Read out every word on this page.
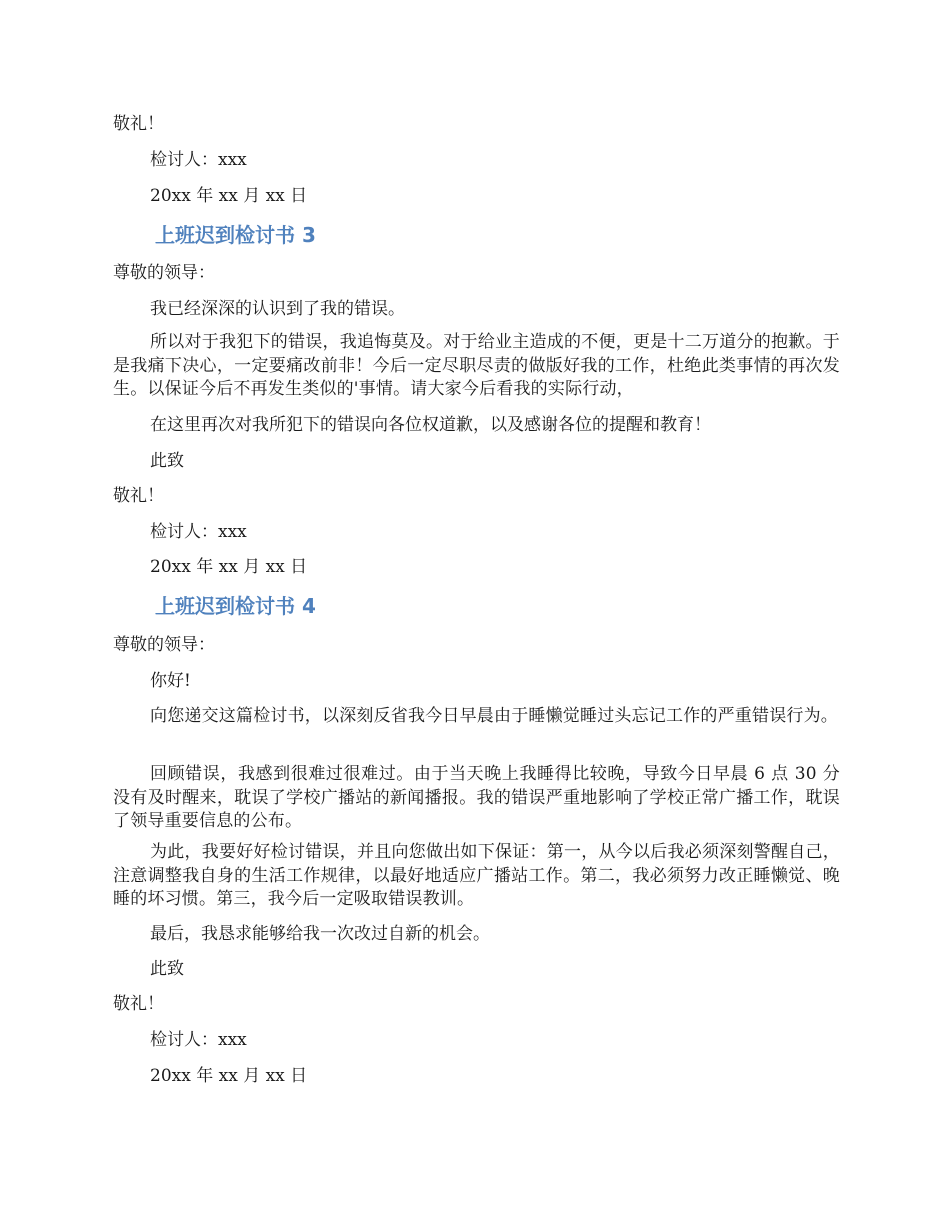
敬礼！
检讨人：xxx
20xx 年 xx 月 xx 日
上班迟到检讨书 3
尊敬的领导：
我已经深深的认识到了我的错误。
所以对于我犯下的错误，我追悔莫及。对于给业主造成的不便，更是十二万道分的抱歉。于是我痛下决心，一定要痛改前非！今后一定尽职尽责的做版好我的工作，杜绝此类事情的再次发生。以保证今后不再发生类似的'事情。请大家今后看我的实际行动，
在这里再次对我所犯下的错误向各位权道歉，以及感谢各位的提醒和教育！
此致
敬礼！
检讨人：xxx
20xx 年 xx 月 xx 日
上班迟到检讨书 4
尊敬的领导：
你好!
向您递交这篇检讨书，以深刻反省我今日早晨由于睡懒觉睡过头忘记工作的严重错误行为。
回顾错误，我感到很难过很难过。由于当天晚上我睡得比较晚，导致今日早晨 6 点 30 分没有及时醒来，耽误了学校广播站的新闻播报。我的错误严重地影响了学校正常广播工作，耽误了领导重要信息的公布。
为此，我要好好检讨错误，并且向您做出如下保证：第一，从今以后我必须深刻警醒自己，注意调整我自身的生活工作规律，以最好地适应广播站工作。第二，我必须努力改正睡懒觉、晚睡的坏习惯。第三，我今后一定吸取错误教训。
最后，我恳求能够给我一次改过自新的机会。
此致
敬礼！
检讨人：xxx
20xx 年 xx 月 xx 日
